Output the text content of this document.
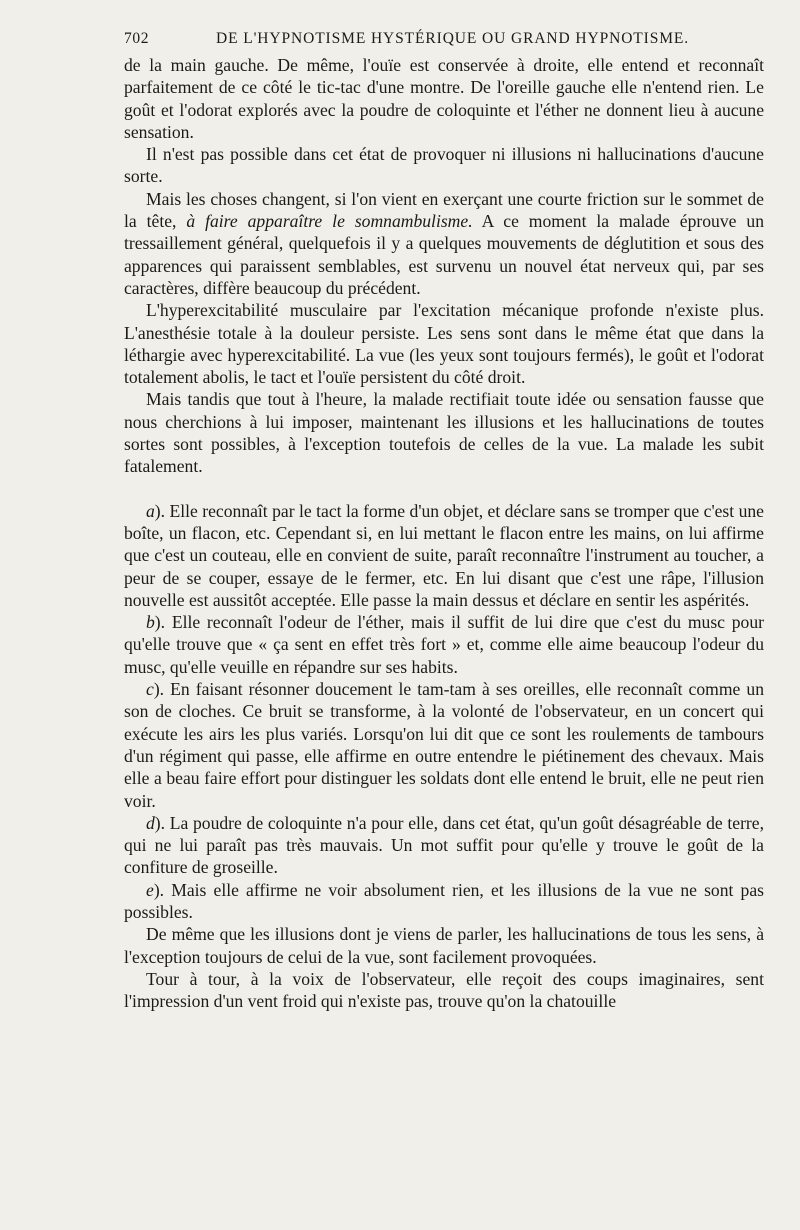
702	DE L'HYPNOTISME HYSTÉRIQUE OU GRAND HYPNOTISME.

de la main gauche. De même, l'ouïe est conservée à droite, elle entend et reconnaît parfaitement de ce côté le tic-tac d'une montre. De l'oreille gauche elle n'entend rien. Le goût et l'odorat explorés avec la poudre de coloquinte et l'éther ne donnent lieu à aucune sensation.

Il n'est pas possible dans cet état de provoquer ni illusions ni hallucinations d'aucune sorte.

Mais les choses changent, si l'on vient en exerçant une courte friction sur le sommet de la tête, à faire apparaître le somnambulisme. A ce moment la malade éprouve un tressaillement général, quelquefois il y a quelques mouvements de déglutition et sous des apparences qui paraissent semblables, est survenu un nouvel état nerveux qui, par ses caractères, diffère beaucoup du précédent.

L'hyperexcitabilité musculaire par l'excitation mécanique profonde n'existe plus. L'anesthésie totale à la douleur persiste. Les sens sont dans le même état que dans la léthargie avec hyperexcitabilité. La vue (les yeux sont toujours fermés), le goût et l'odorat totalement abolis, le tact et l'ouïe persistent du côté droit.

Mais tandis que tout à l'heure, la malade rectifiait toute idée ou sensation fausse que nous cherchions à lui imposer, maintenant les illusions et les hallucinations de toutes sortes sont possibles, à l'exception toutefois de celles de la vue. La malade les subit fatalement.

a). Elle reconnaît par le tact la forme d'un objet, et déclare sans se tromper que c'est une boîte, un flacon, etc. Cependant si, en lui mettant le flacon entre les mains, on lui affirme que c'est un couteau, elle en convient de suite, paraît reconnaître l'instrument au toucher, a peur de se couper, essaye de le fermer, etc. En lui disant que c'est une râpe, l'illusion nouvelle est aussitôt acceptée. Elle passe la main dessus et déclare en sentir les aspérités.

b). Elle reconnaît l'odeur de l'éther, mais il suffit de lui dire que c'est du musc pour qu'elle trouve que « ça sent en effet très fort » et, comme elle aime beaucoup l'odeur du musc, qu'elle veuille en répandre sur ses habits.

c). En faisant résonner doucement le tam-tam à ses oreilles, elle reconnaît comme un son de cloches. Ce bruit se transforme, à la volonté de l'observateur, en un concert qui exécute les airs les plus variés. Lorsqu'on lui dit que ce sont les roulements de tambours d'un régiment qui passe, elle affirme en outre entendre le piétinement des chevaux. Mais elle a beau faire effort pour distinguer les soldats dont elle entend le bruit, elle ne peut rien voir.

d). La poudre de coloquinte n'a pour elle, dans cet état, qu'un goût désagréable de terre, qui ne lui paraît pas très mauvais. Un mot suffit pour qu'elle y trouve le goût de la confiture de groseille.

e). Mais elle affirme ne voir absolument rien, et les illusions de la vue ne sont pas possibles.

De même que les illusions dont je viens de parler, les hallucinations de tous les sens, à l'exception toujours de celui de la vue, sont facilement provoquées.

Tour à tour, à la voix de l'observateur, elle reçoit des coups imaginaires, sent l'impression d'un vent froid qui n'existe pas, trouve qu'on la chatouille
